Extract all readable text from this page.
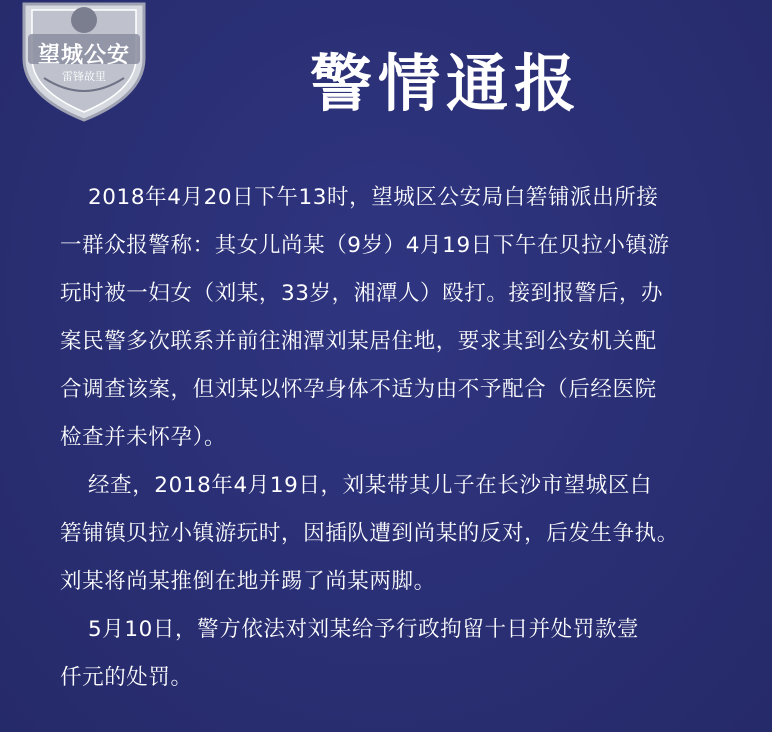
望城公安
雷锋故里	警情通报
2018年4月20日下午13时，望城区公安局白箬铺派出所接
一群众报警称：其女儿尚某（9岁）4月19日下午在贝拉小镇游
玩时被一妇女（刘某，33岁，湘潭人）殴打。接到报警后，办
案民警多次联系并前往湘潭刘某居住地，要求其到公安机关配
合调查该案，但刘某以怀孕身体不适为由不予配合（后经医院
检查并未怀孕）。
经查，2018年4月19日，刘某带其儿子在长沙市望城区白
箬铺镇贝拉小镇游玩时，因插队遭到尚某的反对，后发生争执。
刘某将尚某推倒在地并踢了尚某两脚。
5月10日，警方依法对刘某给予行政拘留十日并处罚款壹
仟元的处罚。
